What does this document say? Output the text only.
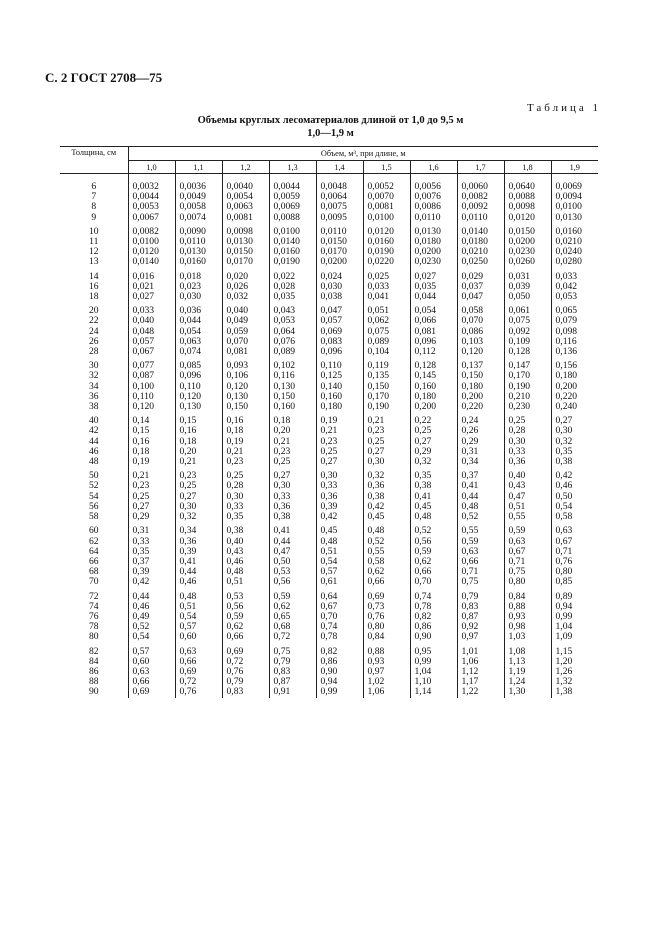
С. 2 ГОСТ 2708—75
Таблица 1
Объемы круглых лесоматериалов длиной от 1,0 до 9,5 м
1,0—1,9 м
Толщина, см	Объем, м³, при длине, м									
	1,0	1,1	1,2	1,3	1,4	1,5	1,6	1,7	1,8	1,9
6	0,0032	0,0036	0,0040	0,0044	0,0048	0,0052	0,0056	0,0060	0,0640	0,0069
7	0,0044	0,0049	0,0054	0,0059	0,0064	0,0070	0,0076	0,0082	0,0088	0,0094
8	0,0053	0,0058	0,0063	0,0069	0,0075	0,0081	0,0086	0,0092	0,0098	0,0100
9	0,0067	0,0074	0,0081	0,0088	0,0095	0,0100	0,0110	0,0110	0,0120	0,0130

10	0,0082	0,0090	0,0098	0,0100	0,0110	0,0120	0,0130	0,0140	0,0150	0,0160
11	0,0100	0,0110	0,0130	0,0140	0,0150	0,0160	0,0180	0,0180	0,0200	0,0210
12	0,0120	0,0130	0,0150	0,0160	0,0170	0,0190	0,0200	0,0210	0,0230	0,0240
13	0,0140	0,0160	0,0170	0,0190	0,0200	0,0220	0,0230	0,0250	0,0260	0,0280

14	0,016	0,018	0,020	0,022	0,024	0,025	0,027	0,029	0,031	0,033
16	0,021	0,023	0,026	0,028	0,030	0,033	0,035	0,037	0,039	0,042
18	0,027	0,030	0,032	0,035	0,038	0,041	0,044	0,047	0,050	0,053

20	0,033	0,036	0,040	0,043	0,047	0,051	0,054	0,058	0,061	0,065
22	0,040	0,044	0,049	0,053	0,057	0,062	0,066	0,070	0,075	0,079
24	0,048	0,054	0,059	0,064	0,069	0,075	0,081	0,086	0,092	0,098
26	0,057	0,063	0,070	0,076	0,083	0,089	0,096	0,103	0,109	0,116
28	0,067	0,074	0,081	0,089	0,096	0,104	0,112	0,120	0,128	0,136

30	0,077	0,085	0,093	0,102	0,110	0,119	0,128	0,137	0,147	0,156
32	0,087	0,096	0,106	0,116	0,125	0,135	0,145	0,150	0,170	0,180
34	0,100	0,110	0,120	0,130	0,140	0,150	0,160	0,180	0,190	0,200
36	0,110	0,120	0,130	0,150	0,160	0,170	0,180	0,200	0,210	0,220
38	0,120	0,130	0,150	0,160	0,180	0,190	0,200	0,220	0,230	0,240

40	0,14	0,15	0,16	0,18	0,19	0,21	0,22	0,24	0,25	0,27
42	0,15	0,16	0,18	0,20	0,21	0,23	0,25	0,26	0,28	0,30
44	0,16	0,18	0,19	0,21	0,23	0,25	0,27	0,29	0,30	0,32
46	0,18	0,20	0,21	0,23	0,25	0,27	0,29	0,31	0,33	0,35
48	0,19	0,21	0,23	0,25	0,27	0,30	0,32	0,34	0,36	0,38

50	0,21	0,23	0,25	0,27	0,30	0,32	0,35	0,37	0,40	0,42
52	0,23	0,25	0,28	0,30	0,33	0,36	0,38	0,41	0,43	0,46
54	0,25	0,27	0,30	0,33	0,36	0,38	0,41	0,44	0,47	0,50
56	0,27	0,30	0,33	0,36	0,39	0,42	0,45	0,48	0,51	0,54
58	0,29	0,32	0,35	0,38	0,42	0,45	0,48	0,52	0,55	0,58

60	0,31	0,34	0,38	0,41	0,45	0,48	0,52	0,55	0,59	0,63
62	0,33	0,36	0,40	0,44	0,48	0,52	0,56	0,59	0,63	0,67
64	0,35	0,39	0,43	0,47	0,51	0,55	0,59	0,63	0,67	0,71
66	0,37	0,41	0,46	0,50	0,54	0,58	0,62	0,66	0,71	0,76
68	0,39	0,44	0,48	0,53	0,57	0,62	0,66	0,71	0,75	0,80
70	0,42	0,46	0,51	0,56	0,61	0,66	0,70	0,75	0,80	0,85

72	0,44	0,48	0,53	0,59	0,64	0,69	0,74	0,79	0,84	0,89
74	0,46	0,51	0,56	0,62	0,67	0,73	0,78	0,83	0,88	0,94
76	0,49	0,54	0,59	0,65	0,70	0,76	0,82	0,87	0,93	0,99
78	0,52	0,57	0,62	0,68	0,74	0,80	0,86	0,92	0,98	1,04
80	0,54	0,60	0,66	0,72	0,78	0,84	0,90	0,97	1,03	1,09

82	0,57	0,63	0,69	0,75	0,82	0,88	0,95	1,01	1,08	1,15
84	0,60	0,66	0,72	0,79	0,86	0,93	0,99	1,06	1,13	1,20
86	0,63	0,69	0,76	0,83	0,90	0,97	1,04	1,12	1,19	1,26
88	0,66	0,72	0,79	0,87	0,94	1,02	1,10	1,17	1,24	1,32
90	0,69	0,76	0,83	0,91	0,99	1,06	1,14	1,22	1,30	1,38
